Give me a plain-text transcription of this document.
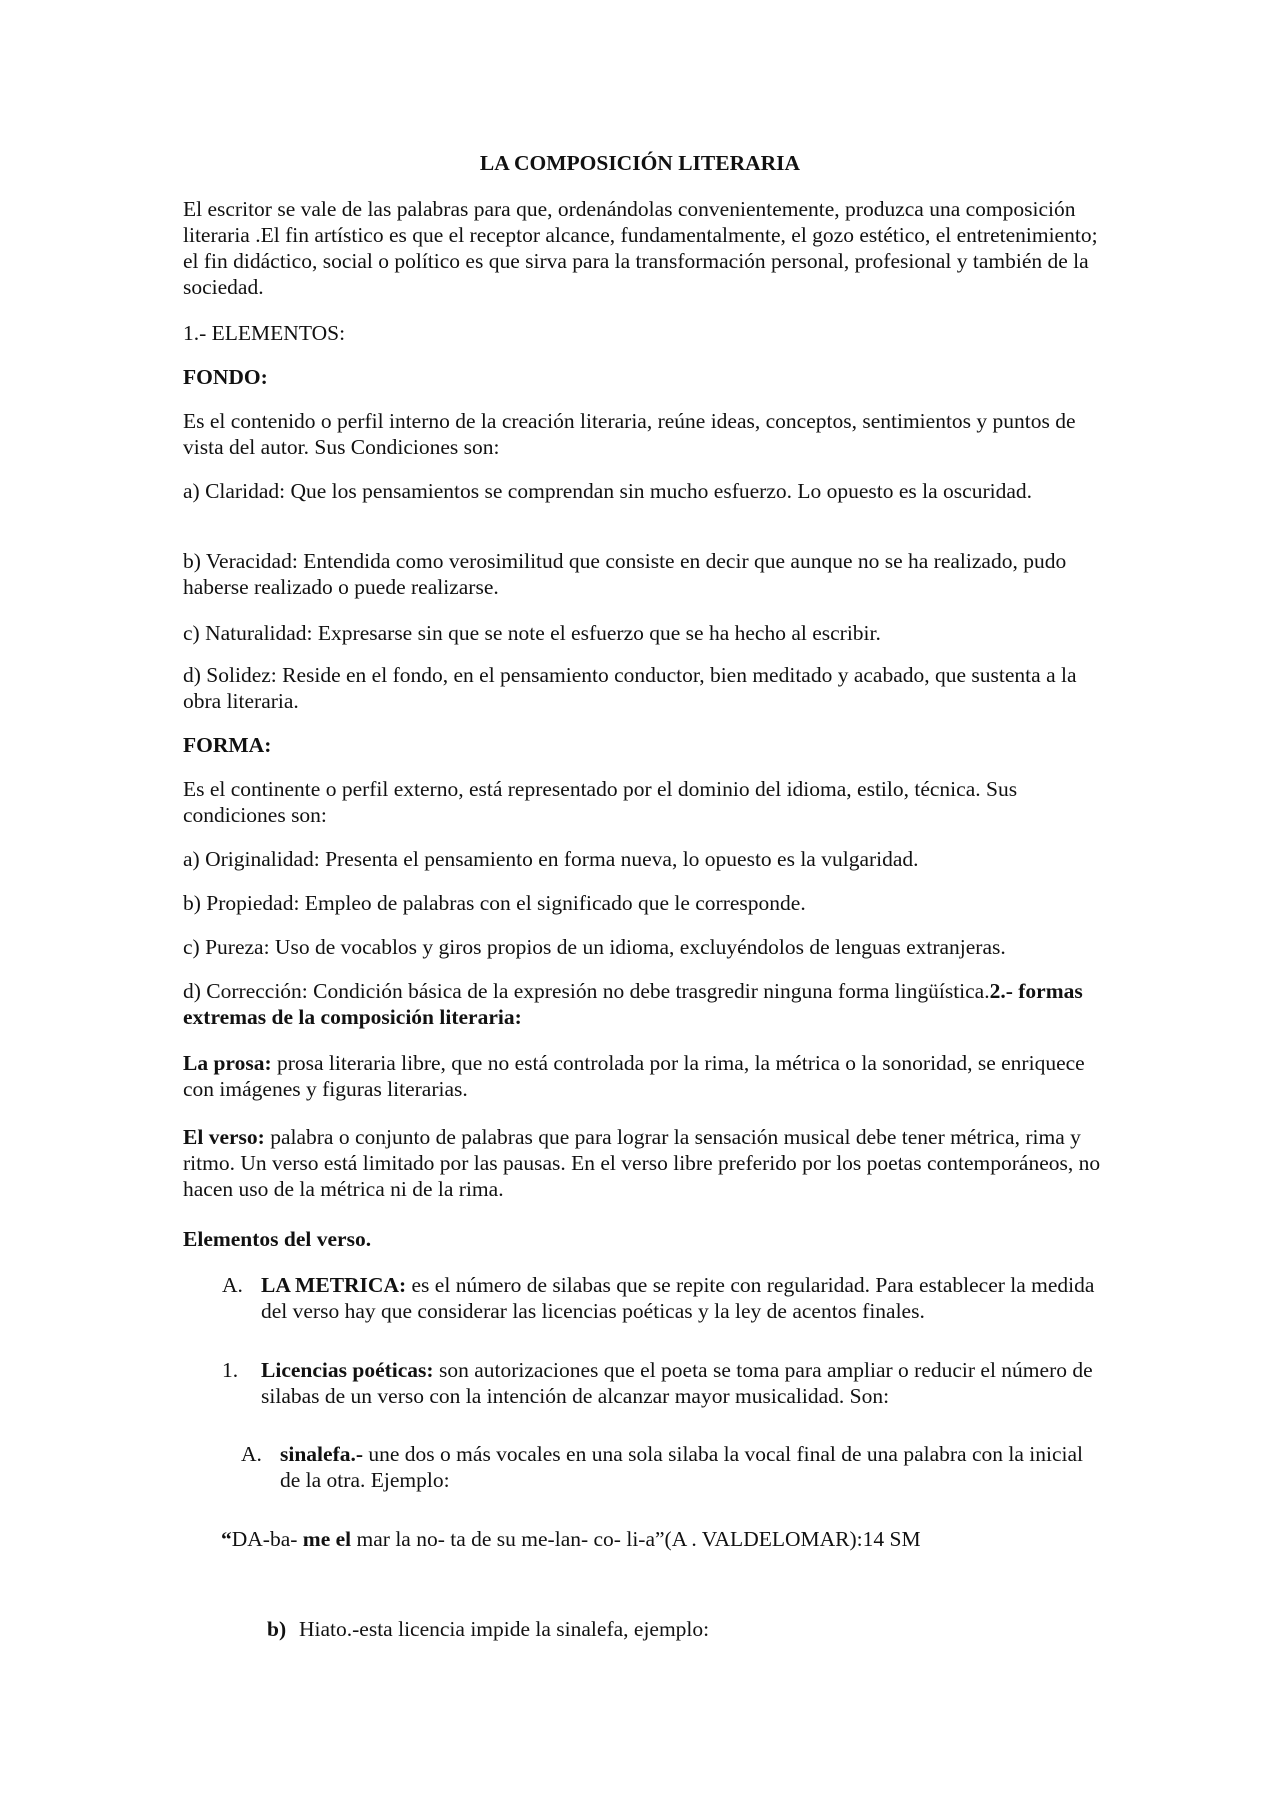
LA COMPOSICIÓN LITERARIA

El escritor se vale de las palabras para que, ordenándolas convenientemente, produzca una composición literaria .El fin artístico es que el receptor alcance, fundamentalmente, el gozo estético, el entretenimiento; el fin didáctico, social o político es que sirva para la transformación personal, profesional y también de la sociedad.

1.- ELEMENTOS:

FONDO:

Es el contenido o perfil interno de la creación literaria, reúne ideas, conceptos, sentimientos y puntos de vista del autor. Sus Condiciones son:

a) Claridad: Que los pensamientos se comprendan sin mucho esfuerzo. Lo opuesto es la oscuridad.

b) Veracidad: Entendida como verosimilitud que consiste en decir que aunque no se ha realizado, pudo haberse realizado o puede realizarse.

c) Naturalidad: Expresarse sin que se note el esfuerzo que se ha hecho al escribir.

d) Solidez: Reside en el fondo, en el pensamiento conductor, bien meditado y acabado, que sustenta a la obra literaria.

FORMA:

Es el continente o perfil externo, está representado por el dominio del idioma, estilo, técnica. Sus condiciones son:

a) Originalidad: Presenta el pensamiento en forma nueva, lo opuesto es la vulgaridad.

b) Propiedad: Empleo de palabras con el significado que le corresponde.

c) Pureza: Uso de vocablos y giros propios de un idioma, excluyéndolos de lenguas extranjeras.

d) Corrección: Condición básica de la expresión no debe trasgredir ninguna forma lingüística.2.- formas extremas de la composición literaria:

La prosa: prosa literaria libre, que no está controlada por la rima, la métrica o la sonoridad, se enriquece con imágenes y figuras literarias.

El verso: palabra o conjunto de palabras que para lograr la sensación musical debe tener métrica, rima y ritmo. Un verso está limitado por las pausas. En el verso libre preferido por los poetas contemporáneos, no hacen uso de la métrica ni de la rima.

Elementos del verso.

A. LA METRICA: es el número de silabas que se repite con regularidad. Para establecer la medida del verso hay que considerar las licencias poéticas y la ley de acentos finales.

1. Licencias poéticas: son autorizaciones que el poeta se toma para ampliar o reducir el número de silabas de un verso con la intención de alcanzar mayor musicalidad. Son:

A. sinalefa.- une dos o más vocales en una sola silaba la vocal final de una palabra con la inicial de la otra. Ejemplo:

“DA-ba- me el mar la no- ta de su me-lan- co- li-a”(A . VALDELOMAR):14 SM

b) Hiato.-esta licencia impide la sinalefa, ejemplo:
